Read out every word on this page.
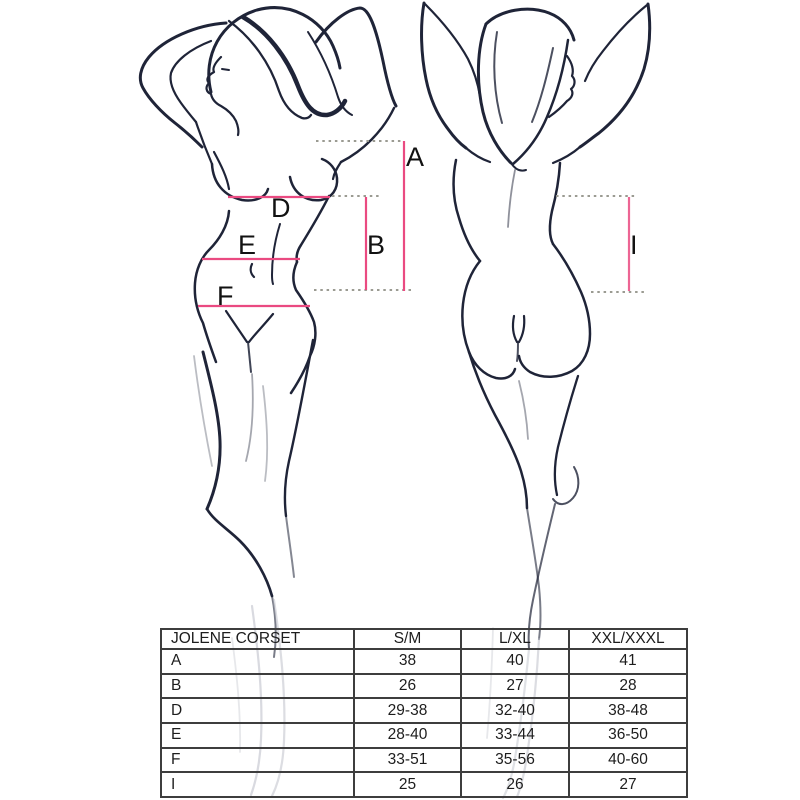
A
B
D
E
F
I
JOLENE CORSET	S/M	L/XL	XXL/XXXL
A	38	40	41
B	26	27	28
D	29-38	32-40	38-48
E	28-40	33-44	36-50
F	33-51	35-56	40-60
I	25	26	27
